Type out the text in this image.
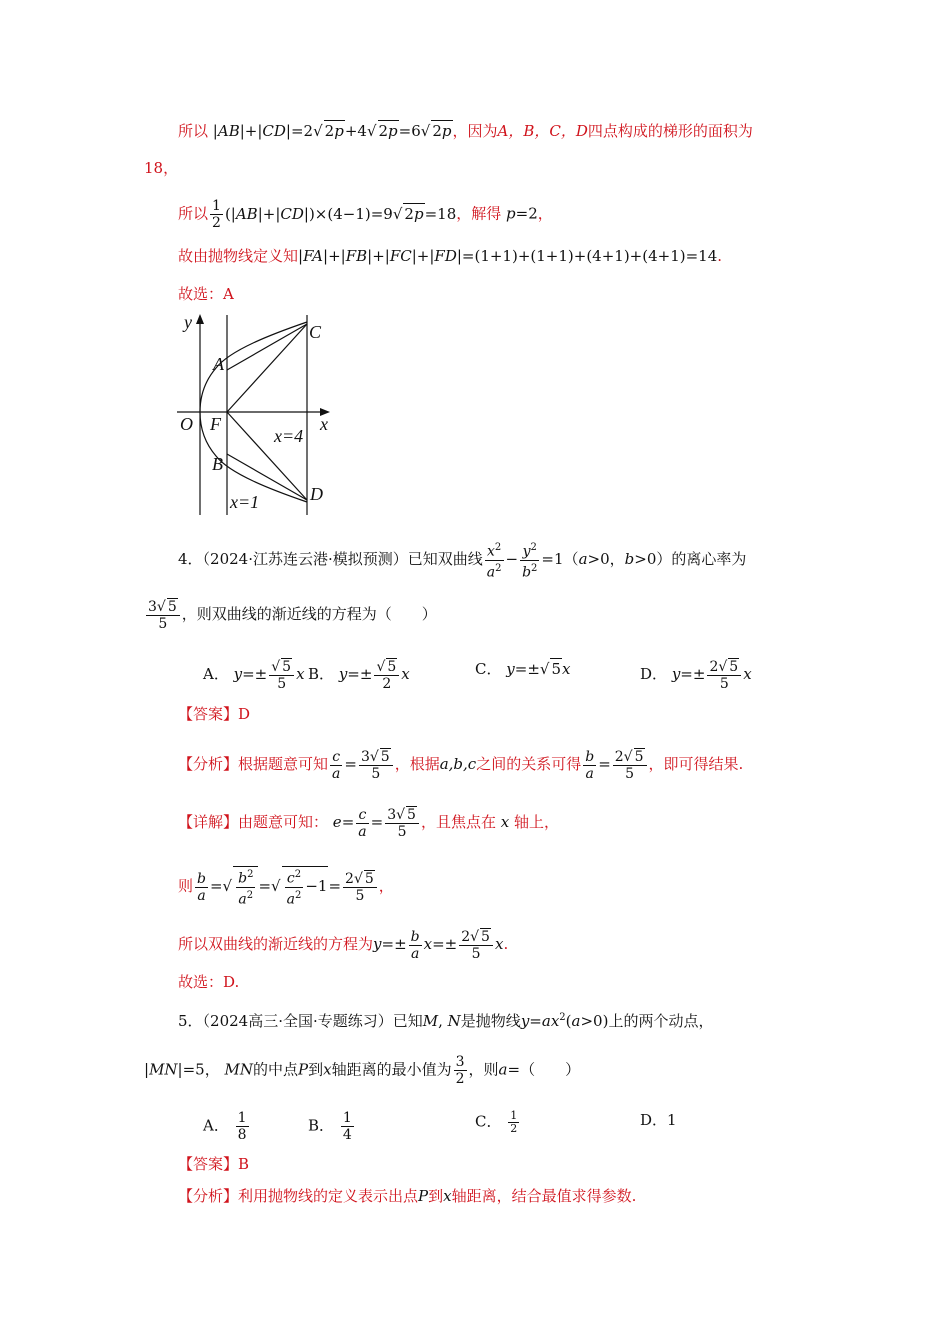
所以 |AB|+|CD|=2√ 2p+4√ 2p=6√ 2p，因为A，B，C，D四点构成的梯形的面积为
18，
所以 $\frac{1}{2} (|AB|+|CD|)\times(4-1)=9√$ 2p=18，解得 p=2，
故由抛物线定义知|FA|+|FB|+|FC|+|FD|=(1+1)+(1+1)+(4+1)+(4+1)=14.
故选：A
y
A
C
O F	x
x=4
B
D
x=1
4．（2024·江苏连云港·模拟预测）已知双曲线 $\frac{x^2}{a^2} - \frac{y^2}{b^2} =1(a>0$，b>0）的离心率为
$\frac{3√ 5}{5}$ ，则双曲线的渐近线的方程为（　　）
A． $y=\pm \frac{√ 5}{5}$ x B． $y=\pm \frac{√ 5}{2}$ x	C． y=±√ 5x	D． $y=\pm \frac{2√ 5}{5}$ x
【答案】D
【分析】根据题意可知 $\frac{c}{a} = \frac{3√ 5}{5}$ ，根据a,b,c之间的关系可得 $\frac{b}{a} = \frac{2√ 5}{5}$ ，即可得结果.
【详解】由题意可知： $e= \frac{c}{a} = \frac{3√ 5}{5}$ ，且焦点在 x 轴上，
则 $\frac{b}{a}$ =√ $\frac{b^2}{a^2}$ =√ $\frac{c^2}{a^2} -1= \frac{2√ 5}{5}$ ，
所以双曲线的渐近线的方程为$y=\pm \frac{b}{a} x=\pm \frac{2√ 5}{5} x$.
故选：D.
5．（2024高三·全国·专题练习）已知M, N是抛物线$y=ax^2(a>0)$上的两个动点，
|MN|=5， MN的中点P到x轴距离的最小值为 $\frac{3}{2}$ ，则a=（　　）
A． $\frac{1}{8}$	B． $\frac{1}{4}$	C． $\frac{1}{2}$	D．1
【答案】B
【分析】利用抛物线的定义表示出点P到x轴距离，结合最值求得参数.
